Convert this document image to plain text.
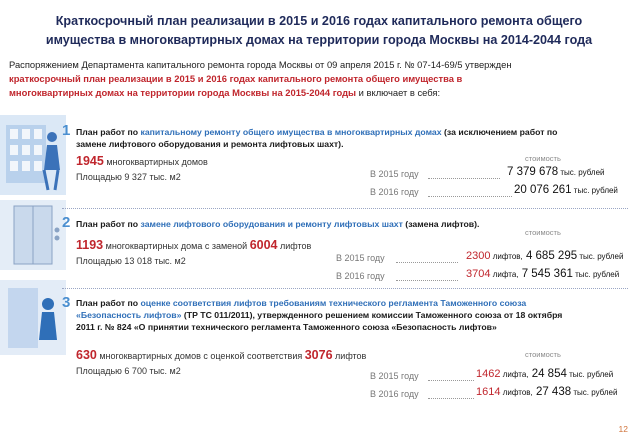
Краткосрочный план реализации в 2015 и 2016 годах капитального ремонта общего
имущества в многоквартирных домах на территории города Москвы на 2014-2044 года
Распоряжением Департамента капитального ремонта города Москвы от 09 апреля 2015 г. № 07-14-69/5 утвержден
краткосрочный план реализации в 2015 и 2016 годах капитального ремонта общего имущества в
многоквартирных домах на территории города Москвы на 2015-2044 годы и включает в себя:
1 План работ по капитальному ремонту общего имущества в многоквартирных домах (за исключением работ по
замене лифтового оборудования и ремонта лифтовых шахт).
1945 многоквартирных домов
Площадью 9 327 тыс. м2
стоимость
В 2015 году	7 379 678 тыс. рублей
В 2016 году	20 076 261 тыс. рублей
2 План работ по замене лифтового оборудования и ремонту лифтовых шахт (замена лифтов).
стоимость
1193 многоквартирных дома с заменой 6004 лифтов
Площадью 13 018 тыс. м2	В 2015 году	2300 лифтов, 4 685 295 тыс. рублей
В 2016 году	3704 лифта, 7 545 361 тыс. рублей
3 План работ по оценке соответствия лифтов требованиям технического регламента Таможенного союза
«Безопасность лифтов» (ТР ТС 011/2011), утвержденного решением комиссии Таможенного союза от 18 октября
2011 г. № 824 «О принятии технического регламента Таможенного союза «Безопасность лифтов»
стоимость
630 многоквартирных домов с оценкой соответствия 3076 лифтов
Площадью 6 700 тыс. м2	В 2015 году	1462 лифта, 24 854 тыс. рублей
В 2016 году	1614 лифтов, 27 438 тыс. рублей
12
